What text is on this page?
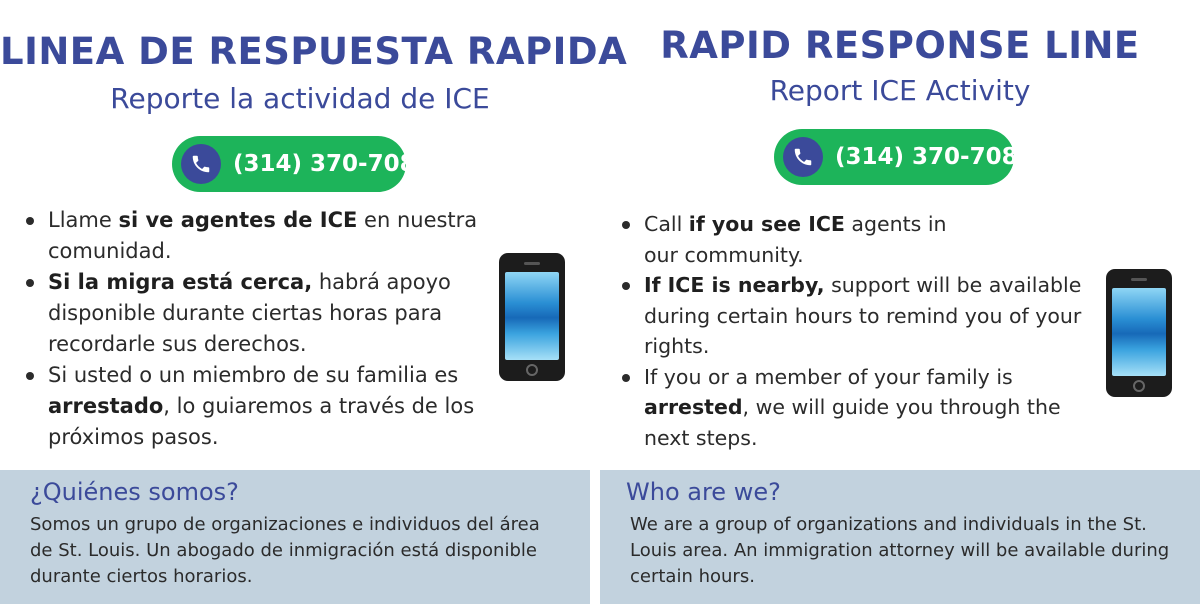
LINEA DE RESPUESTA RAPIDA
Reporte la actividad de ICE
(314) 370-7080
Llame si ve agentes de ICE en nuestra comunidad.
Si la migra está cerca, habrá apoyo disponible durante ciertas horas para recordarle sus derechos.
Si usted o un miembro de su familia es arrestado, lo guiaremos a través de los próximos pasos.
¿Quiénes somos?
Somos un grupo de organizaciones e individuos del área de St. Louis. Un abogado de inmigración está disponible durante ciertos horarios.
RAPID RESPONSE LINE
Report ICE Activity
(314) 370-7080
Call if you see ICE agents in our community.
If ICE is nearby, support will be available during certain hours to remind you of your rights.
If you or a member of your family is arrested, we will guide you through the next steps.
Who are we?
We are a group of organizations and individuals in the St. Louis area. An immigration attorney will be available during certain hours.
